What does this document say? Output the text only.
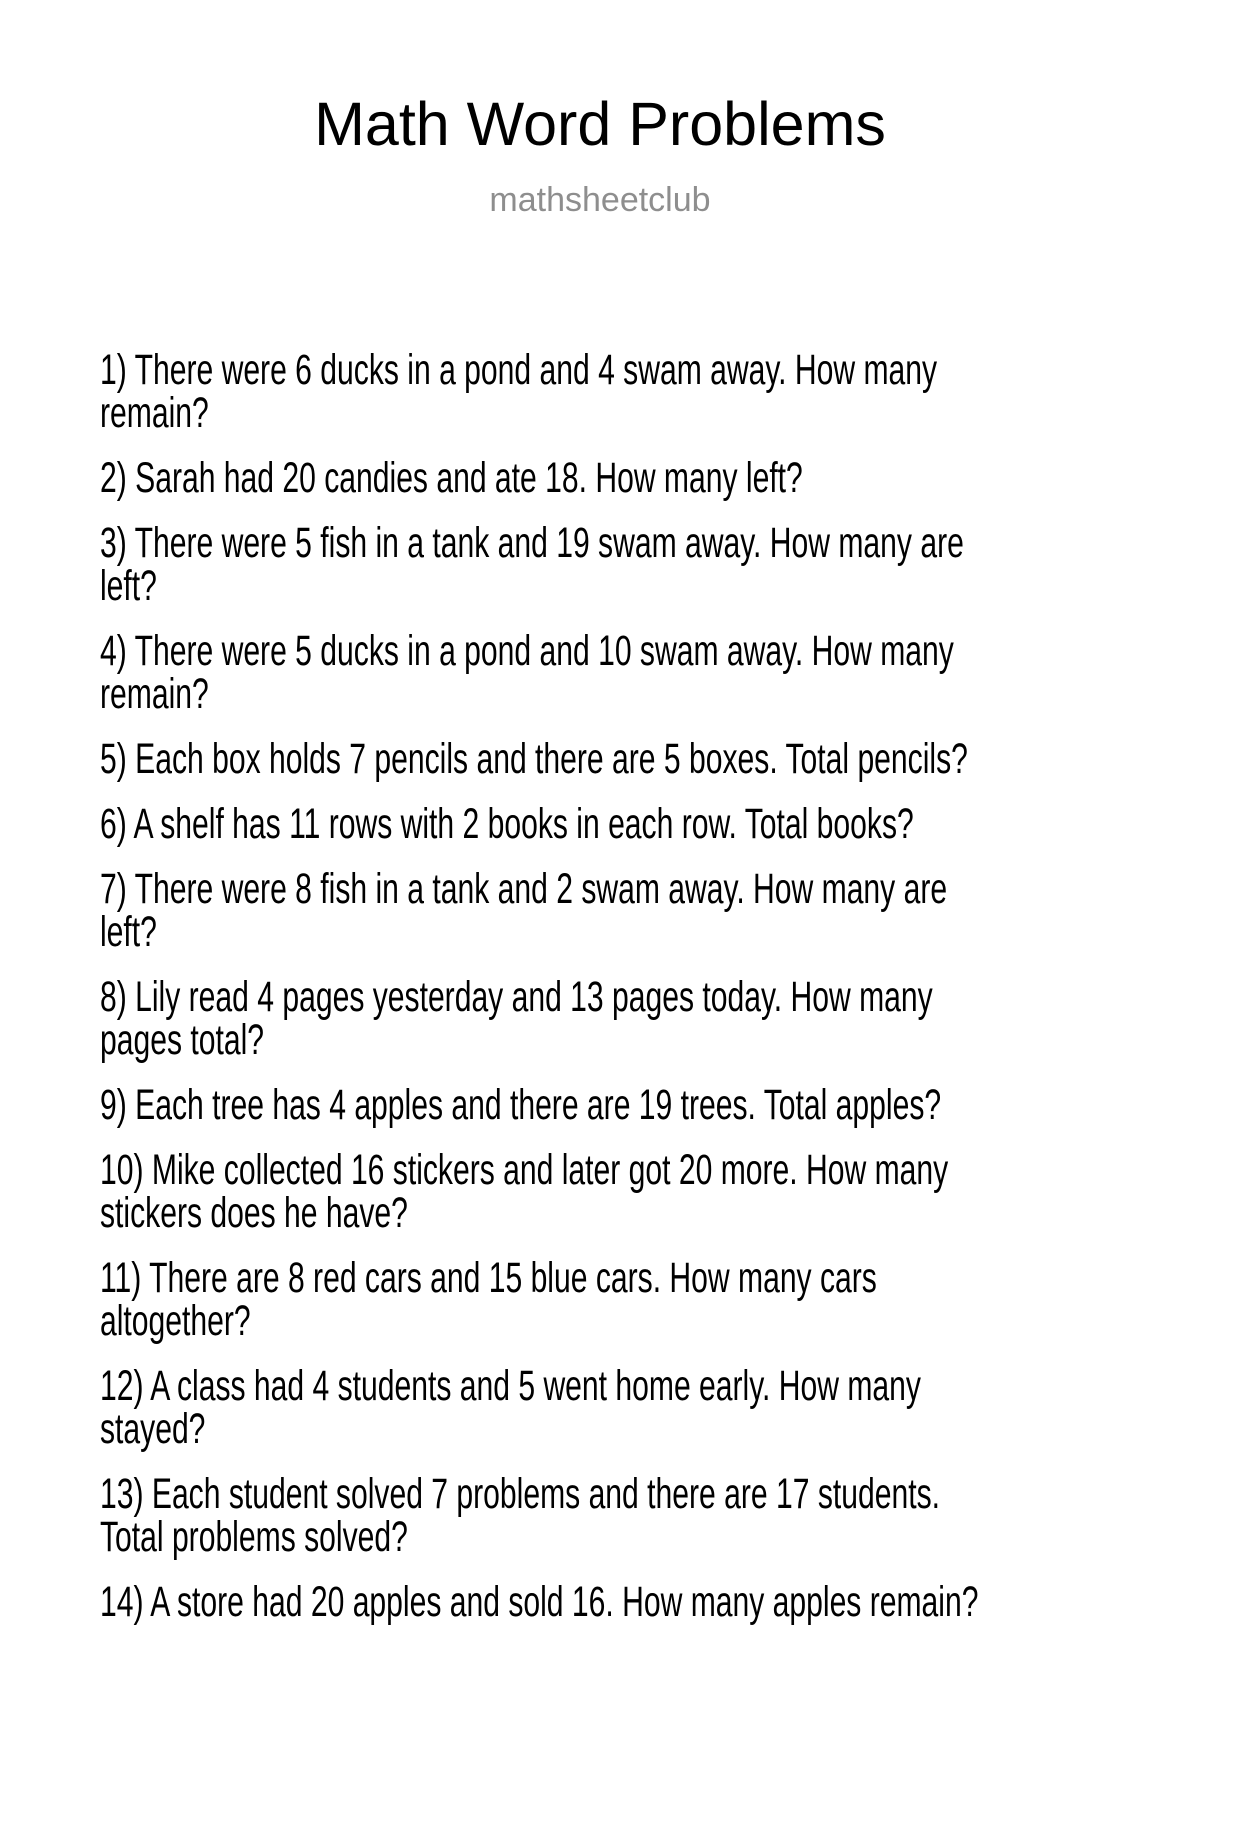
Math Word Problems
mathsheetclub

1) There were 6 ducks in a pond and 4 swam away. How many remain?

2) Sarah had 20 candies and ate 18. How many left?

3) There were 5 fish in a tank and 19 swam away. How many are left?

4) There were 5 ducks in a pond and 10 swam away. How many remain?

5) Each box holds 7 pencils and there are 5 boxes. Total pencils?

6) A shelf has 11 rows with 2 books in each row. Total books?

7) There were 8 fish in a tank and 2 swam away. How many are left?

8) Lily read 4 pages yesterday and 13 pages today. How many pages total?

9) Each tree has 4 apples and there are 19 trees. Total apples?

10) Mike collected 16 stickers and later got 20 more. How many stickers does he have?

11) There are 8 red cars and 15 blue cars. How many cars altogether?

12) A class had 4 students and 5 went home early. How many stayed?

13) Each student solved 7 problems and there are 17 students. Total problems solved?

14) A store had 20 apples and sold 16. How many apples remain?
